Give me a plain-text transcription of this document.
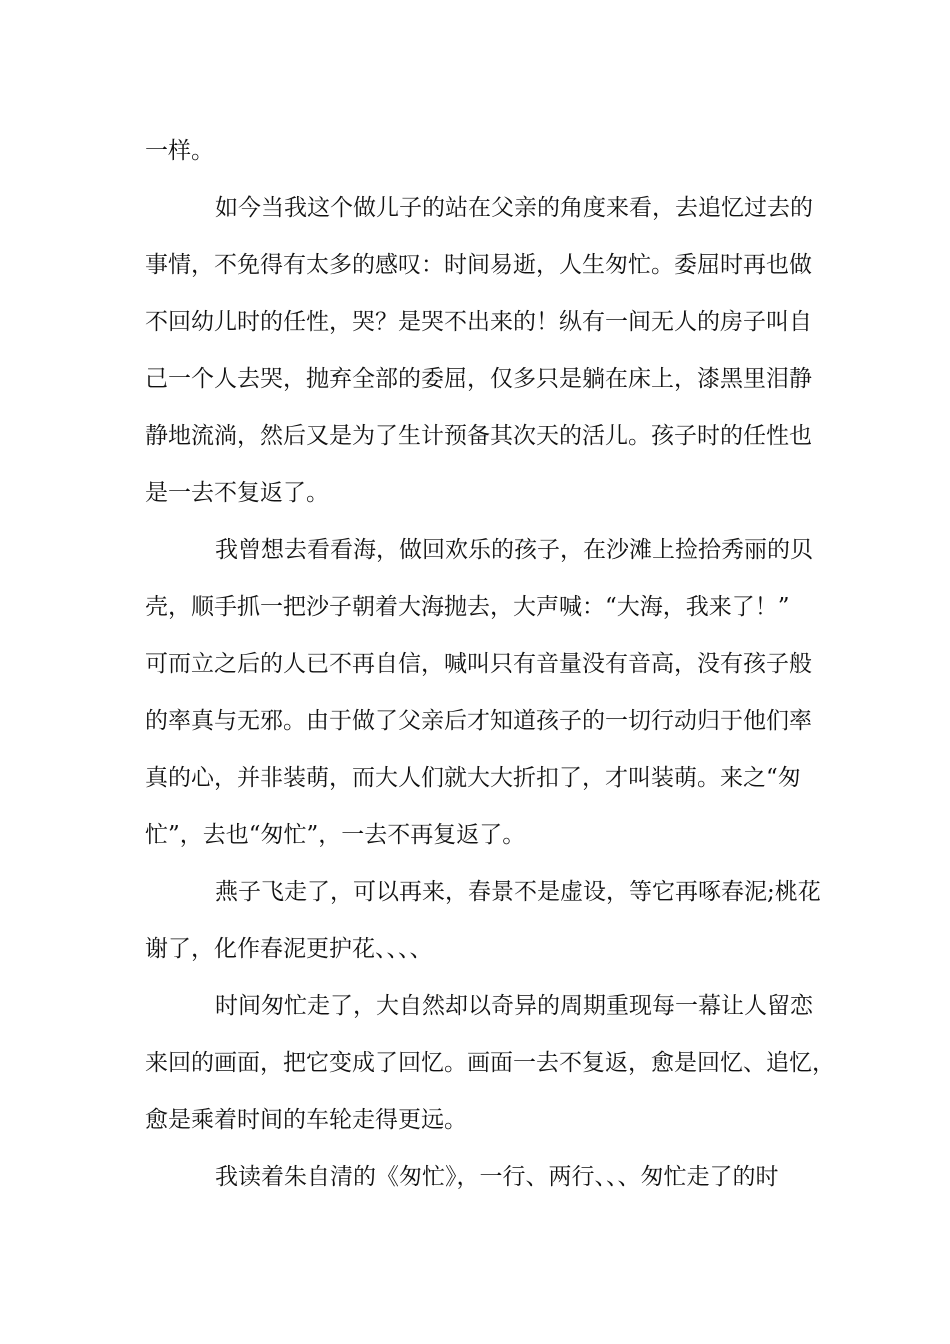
一样。
如今当我这个做儿子的站在父亲的角度来看，去追忆过去的
事情，不免得有太多的感叹：时间易逝，人生匆忙。委屈时再也做
不回幼儿时的任性，哭？是哭不出来的！纵有一间无人的房子叫自
己一个人去哭，抛弃全部的委屈，仅多只是躺在床上，漆黑里泪静
静地流淌，然后又是为了生计预备其次天的活儿。孩子时的任性也
是一去不复返了。
我曾想去看看海，做回欢乐的孩子，在沙滩上捡拾秀丽的贝
壳，顺手抓一把沙子朝着大海抛去，大声喊：“大海，我来了！”
可而立之后的人已不再自信，喊叫只有音量没有音高，没有孩子般
的率真与无邪。由于做了父亲后才知道孩子的一切行动归于他们率
真的心，并非装萌，而大人们就大大折扣了，才叫装萌。来之“匆
忙”，去也“匆忙”，一去不再复返了。
燕子飞走了，可以再来，春景不是虚设，等它再啄春泥;桃花
谢了，化作春泥更护花、、、、
时间匆忙走了，大自然却以奇异的周期重现每一幕让人留恋
来回的画面，把它变成了回忆。画面一去不复返，愈是回忆、追忆，
愈是乘着时间的车轮走得更远。
我读着朱自清的《匆忙》，一行、两行、、、匆忙走了的时
